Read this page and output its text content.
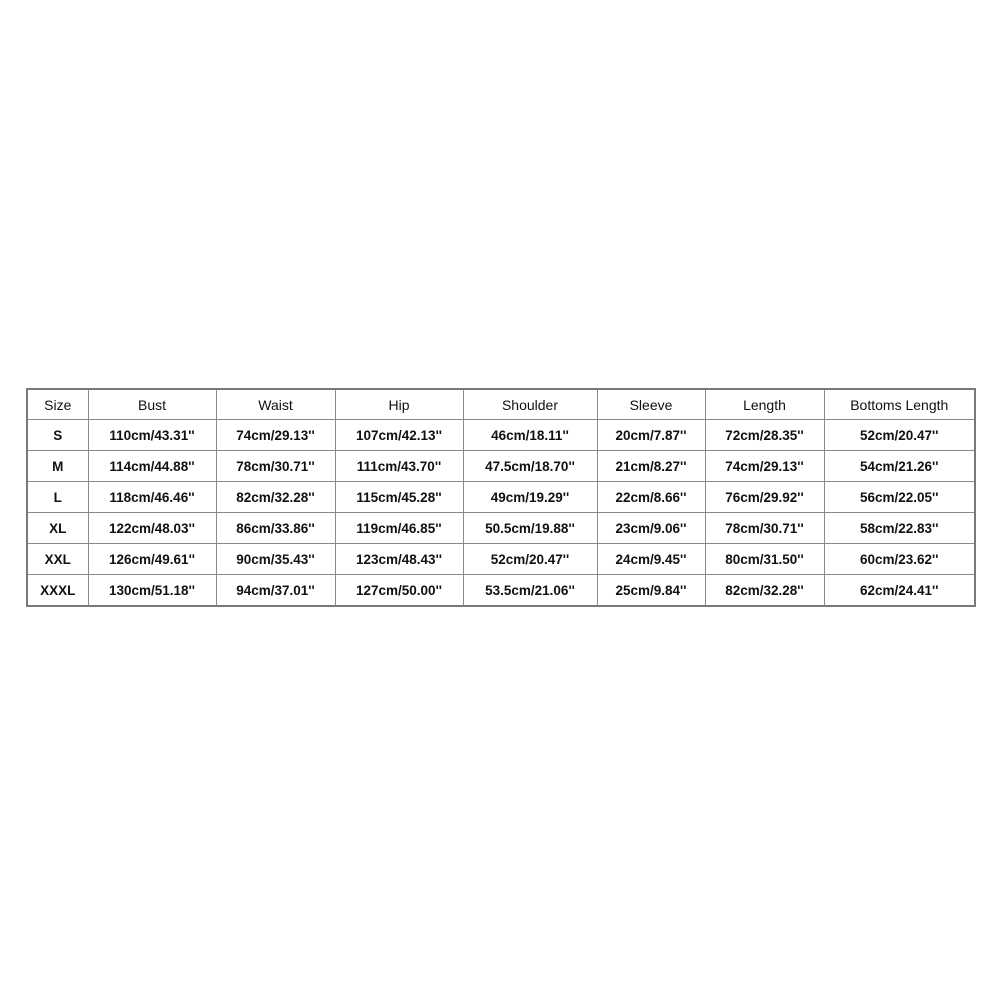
Size	Bust	Waist	Hip	Shoulder	Sleeve	Length	Bottoms Length
S	110cm/43.31''	74cm/29.13''	107cm/42.13''	46cm/18.11''	20cm/7.87''	72cm/28.35''	52cm/20.47''
M	114cm/44.88''	78cm/30.71''	111cm/43.70''	47.5cm/18.70''	21cm/8.27''	74cm/29.13''	54cm/21.26''
L	118cm/46.46''	82cm/32.28''	115cm/45.28''	49cm/19.29''	22cm/8.66''	76cm/29.92''	56cm/22.05''
XL	122cm/48.03''	86cm/33.86''	119cm/46.85''	50.5cm/19.88''	23cm/9.06''	78cm/30.71''	58cm/22.83''
XXL	126cm/49.61''	90cm/35.43''	123cm/48.43''	52cm/20.47''	24cm/9.45''	80cm/31.50''	60cm/23.62''
XXXL	130cm/51.18''	94cm/37.01''	127cm/50.00''	53.5cm/21.06''	25cm/9.84''	82cm/32.28''	62cm/24.41''
